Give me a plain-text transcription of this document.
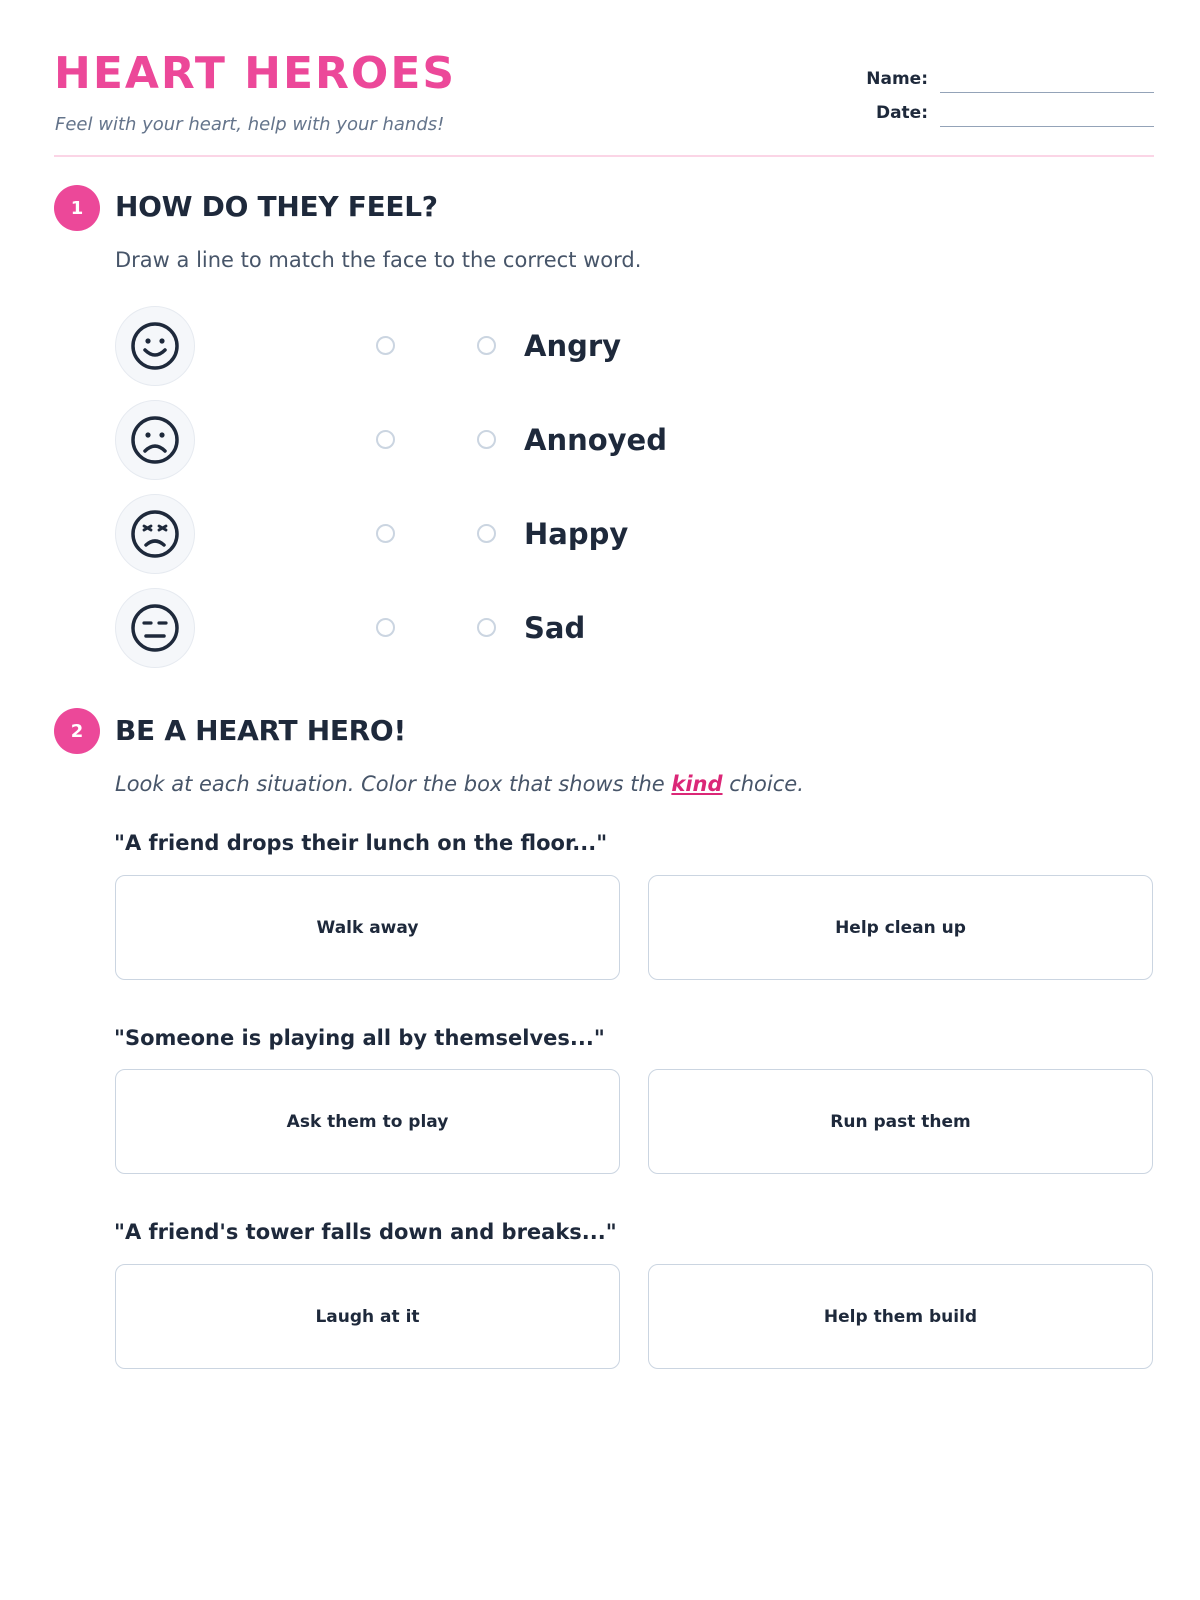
HEART HEROES
Feel with your heart, help with your hands!
Name:
Date:
1	HOW DO THEY FEEL?
Draw a line to match the face to the correct word.
Angry
Annoyed
Happy
Sad
2	BE A HEART HERO!
Look at each situation. Color the box that shows the kind choice.
"A friend drops their lunch on the floor..."
Walk away	Help clean up
"Someone is playing all by themselves..."
Ask them to play	Run past them
"A friend's tower falls down and breaks..."
Laugh at it	Help them build
